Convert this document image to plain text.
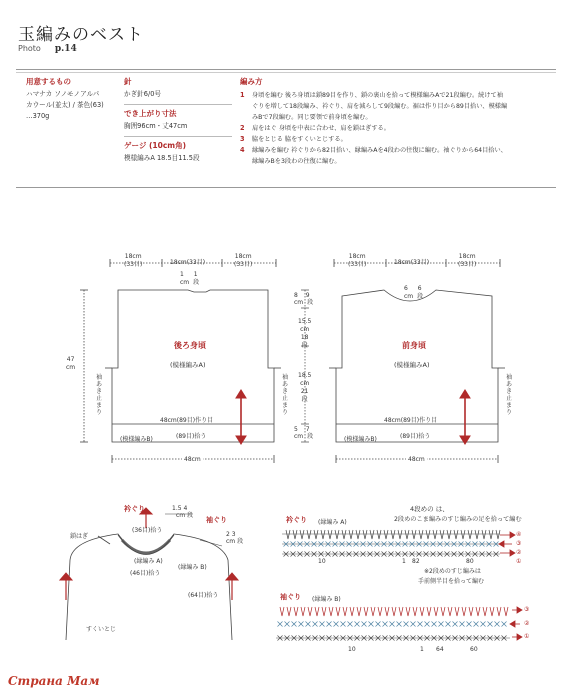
玉編みのベスト
Photo p.14
用意するもの
ハマナカ ソノモノアルパ
カウール(並太) / 茶色(63)
…370g
針
かぎ針6/0号
でき上がり寸法
胸囲96cm・丈47cm
ゲージ (10cm角)
模様編みA 18.5目11.5段
編み方
1 身頃を編む 後ろ身頃は鎖89目を作り、鎖の裏山を拾って模様編みAで21段編む。続けて袖
ぐりを増して18段編み、衿ぐり、肩を減らして9段編む。裾は作り目から89目拾い、模様編
みBで7段編む。同じ要領で前身頃を編む。
2 肩をはぐ 身頃を中表に合わせ、肩を鎖はぎする。
3 脇をとじる 脇をすくいとじする。
4 縁編みを編む 衿ぐりから82目拾い、縁編みAを4段わの往復に編む。袖ぐりから64目拾い、
縁編みBを3段わの往復に編む。
18cm
(33目)	18cm(33目)
18cm
(33目)
1 1
cm 段
後ろ身頃
(模様編みA)
47
cm
袖あき止まり
袖あき止まり
48cm(89目)作り目
(模様編みB)	(89目)拾う
48cm
8 9
cm 段
15.5
cm
18
段
18.5
cm
21
段
5 7
cm 段
18cm
(33目)	18cm(33目)
18cm
(33目)
6 6
cm 段
前身頃
(模様編みA)
袖あき止まり
48cm(89目)作り目
(模様編みB)	(89目)拾う
48cm
衿ぐり
袖ぐり
1.5 4
cm 段
2 3
cm 段
(36目)拾う
(縁編み A)
(46目)拾う
(縁編み B)
(64目)拾う
鎖はぎ
すくいとじ
4段めの は、
2段めのこま編みのすじ編みの足を拾って編む
衿ぐり (縁編み A)
10	1 82	80
④
③
②
①
※2段めのすじ編みは
手前側半目を拾って編む
袖ぐり (縁編み B)
10	1 64	60
③
②
①
Страна Мам
